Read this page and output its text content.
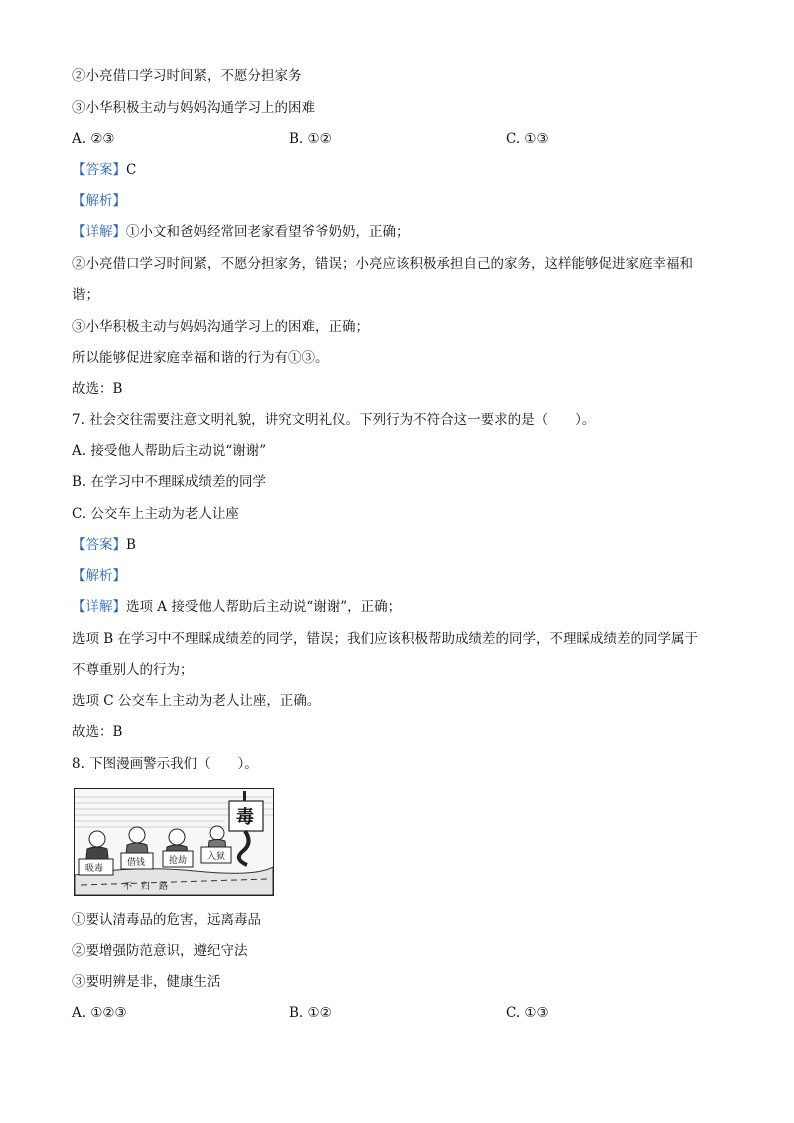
②小亮借口学习时间紧，不愿分担家务
③小华积极主动与妈妈沟通学习上的困难
A. ②③	B. ①②	C. ①③
【答案】C
【解析】
【详解】①小文和爸妈经常回老家看望爷爷奶奶，正确；
②小亮借口学习时间紧，不愿分担家务，错误；小亮应该积极承担自己的家务，这样能够促进家庭幸福和
谐；
③小华积极主动与妈妈沟通学习上的困难，正确；
所以能够促进家庭幸福和谐的行为有①③。
故选：B
7. 社会交往需要注意文明礼貌，讲究文明礼仪。下列行为不符合这一要求的是（　　）。
A. 接受他人帮助后主动说“谢谢”
B. 在学习中不理睬成绩差的同学
C. 公交车上主动为老人让座
【答案】B
【解析】
【详解】选项 A 接受他人帮助后主动说“谢谢”，正确；
选项 B 在学习中不理睬成绩差的同学，错误；我们应该积极帮助成绩差的同学，不理睬成绩差的同学属于
不尊重别人的行为；
选项 C 公交车上主动为老人让座，正确。
故选：B
8. 下图漫画警示我们（　　）。
毒
吸毒
借钱	抢劫 入狱
不　归　路
①要认清毒品的危害，远离毒品
②要增强防范意识，遵纪守法
③要明辨是非，健康生活
A. ①②③	B. ①②	C. ①③
